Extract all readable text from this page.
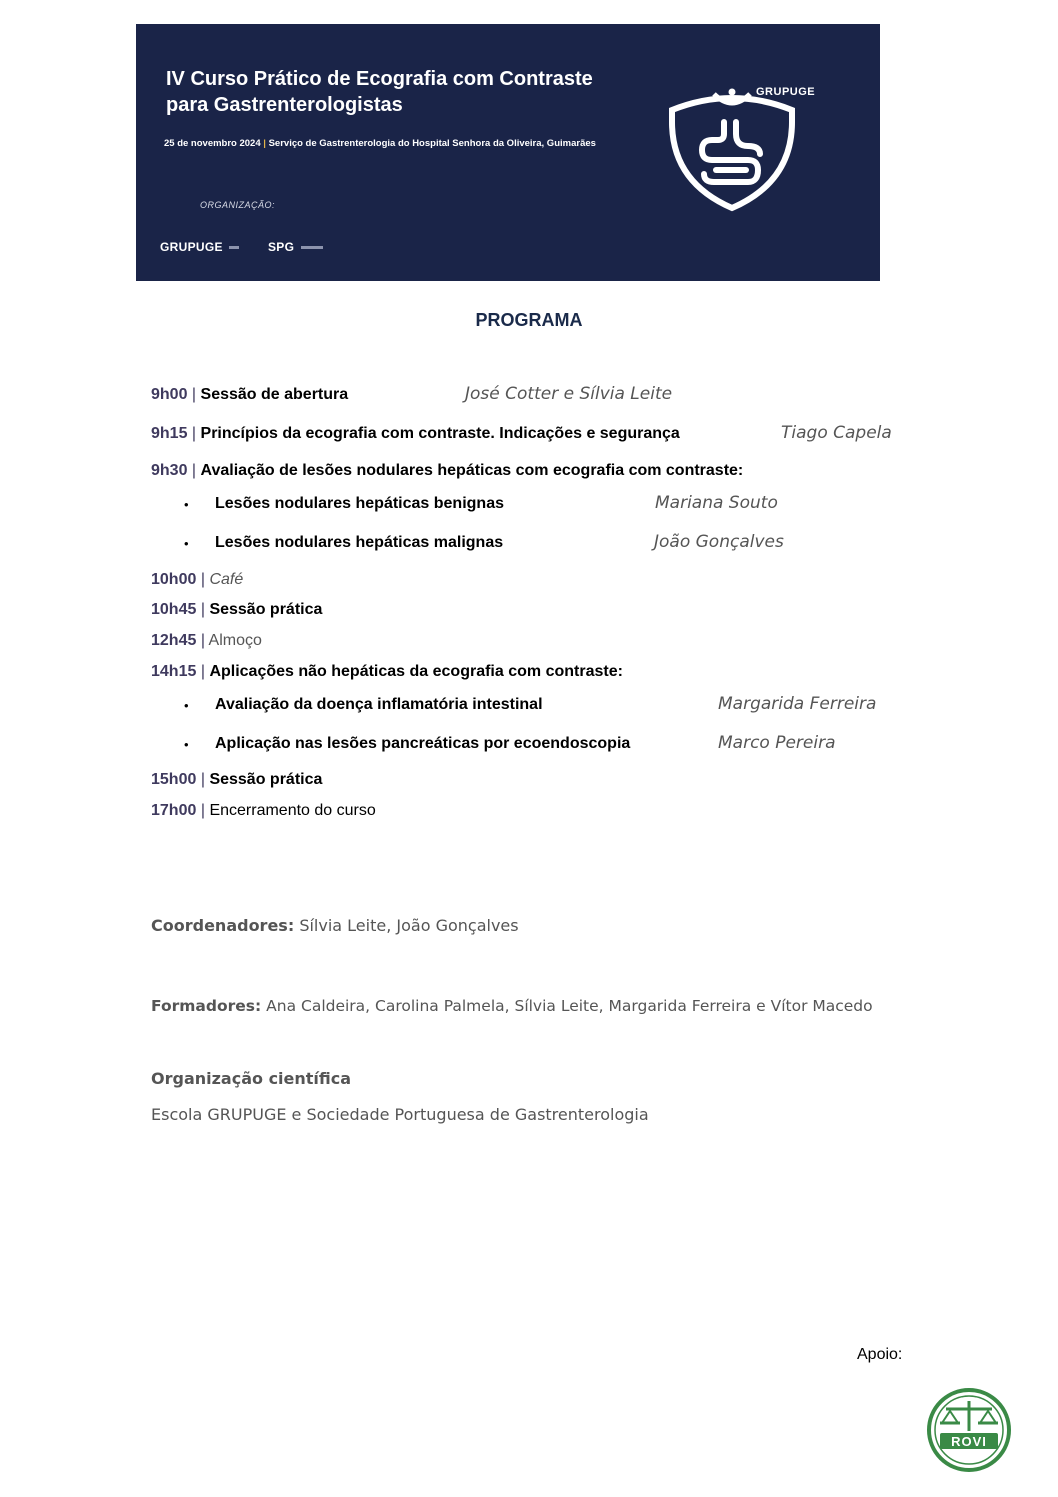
IV Curso Prático de Ecografia com Contraste
para Gastrenterologistas
25 de novembro 2024 | Serviço de Gastrenterologia do Hospital Senhora da Oliveira, Guimarães
ORGANIZAÇÃO:
GRUPUGE	SPG
GRUPUGE
PROGRAMA
9h00 | Sessão de abertura	José Cotter e Sílvia Leite
9h15 | Princípios da ecografia com contraste. Indicações e segurança	Tiago Capela
9h30 | Avaliação de lesões nodulares hepáticas com ecografia com contraste:
• Lesões nodulares hepáticas benignas	Mariana Souto
• Lesões nodulares hepáticas malignas	João Gonçalves
10h00 | Café
10h45 | Sessão prática
12h45 | Almoço
14h15 | Aplicações não hepáticas da ecografia com contraste:
• Avaliação da doença inflamatória intestinal	Margarida Ferreira
• Aplicação nas lesões pancreáticas por ecoendoscopia	Marco Pereira
15h00 | Sessão prática
17h00 | Encerramento do curso
Coordenadores: Sílvia Leite, João Gonçalves
Formadores: Ana Caldeira, Carolina Palmela, Sílvia Leite, Margarida Ferreira e Vítor Macedo
Organização científica
Escola GRUPUGE e Sociedade Portuguesa de Gastrenterologia
Apoio:
ROVI
